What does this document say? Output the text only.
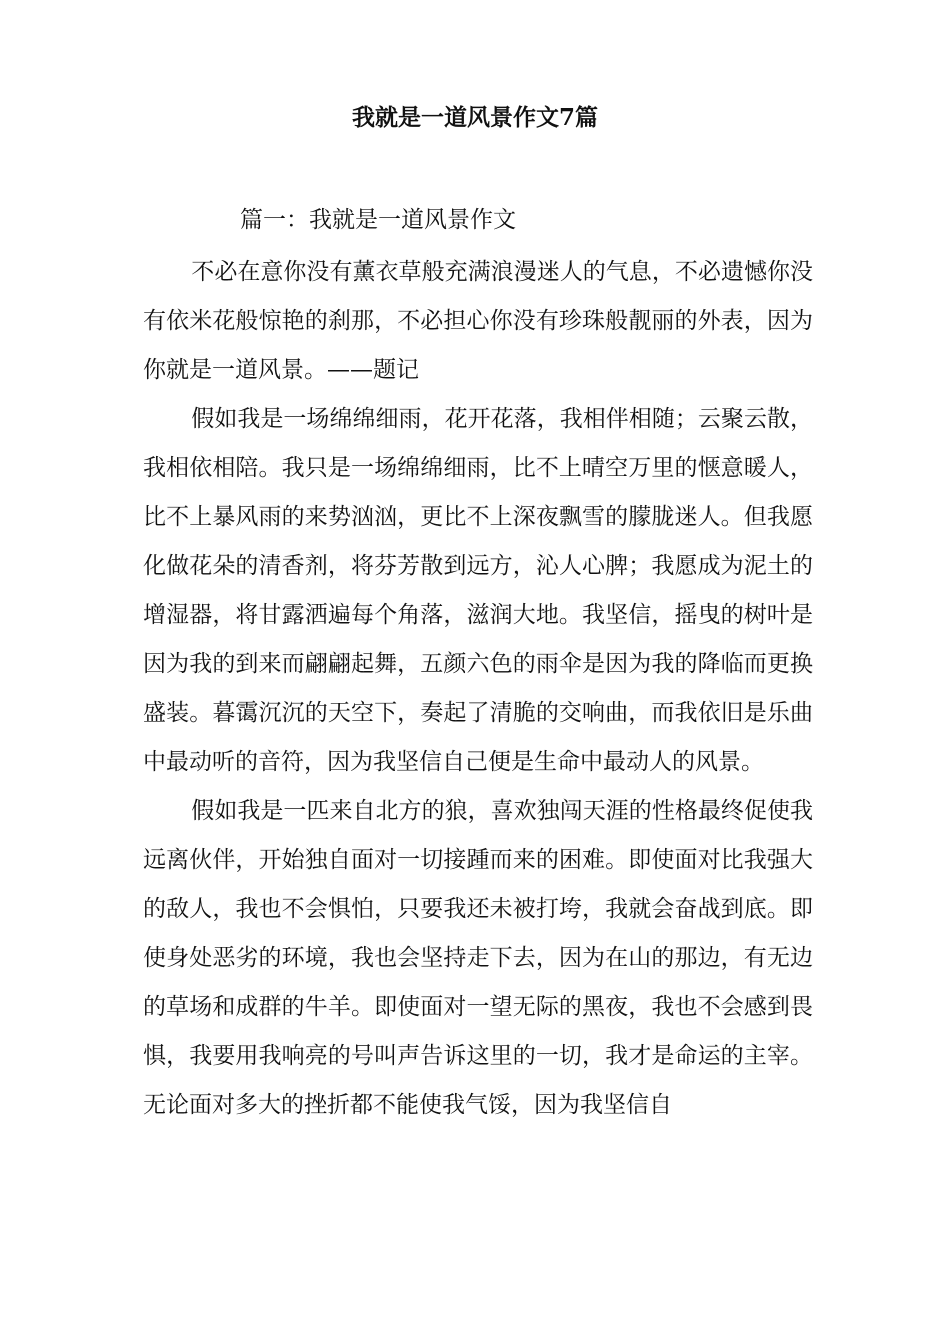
我就是一道风景作文7篇

篇一：我就是一道风景作文

不必在意你没有薰衣草般充满浪漫迷人的气息，不必遗憾你没有依米花般惊艳的刹那，不必担心你没有珍珠般靓丽的外表，因为你就是一道风景。——题记

假如我是一场绵绵细雨，花开花落，我相伴相随；云聚云散，我相依相陪。我只是一场绵绵细雨，比不上晴空万里的惬意暖人，比不上暴风雨的来势汹汹，更比不上深夜飘雪的朦胧迷人。但我愿化做花朵的清香剂，将芬芳散到远方，沁人心脾；我愿成为泥土的增湿器，将甘露洒遍每个角落，滋润大地。我坚信，摇曳的树叶是因为我的到来而翩翩起舞，五颜六色的雨伞是因为我的降临而更换盛装。暮霭沉沉的天空下，奏起了清脆的交响曲，而我依旧是乐曲中最动听的音符，因为我坚信自己便是生命中最动人的风景。

假如我是一匹来自北方的狼，喜欢独闯天涯的性格最终促使我远离伙伴，开始独自面对一切接踵而来的困难。即使面对比我强大的敌人，我也不会惧怕，只要我还未被打垮，我就会奋战到底。即使身处恶劣的环境，我也会坚持走下去，因为在山的那边，有无边的草场和成群的牛羊。即使面对一望无际的黑夜，我也不会感到畏惧，我要用我响亮的号叫声告诉这里的一切，我才是命运的主宰。无论面对多大的挫折都不能使我气馁，因为我坚信自
